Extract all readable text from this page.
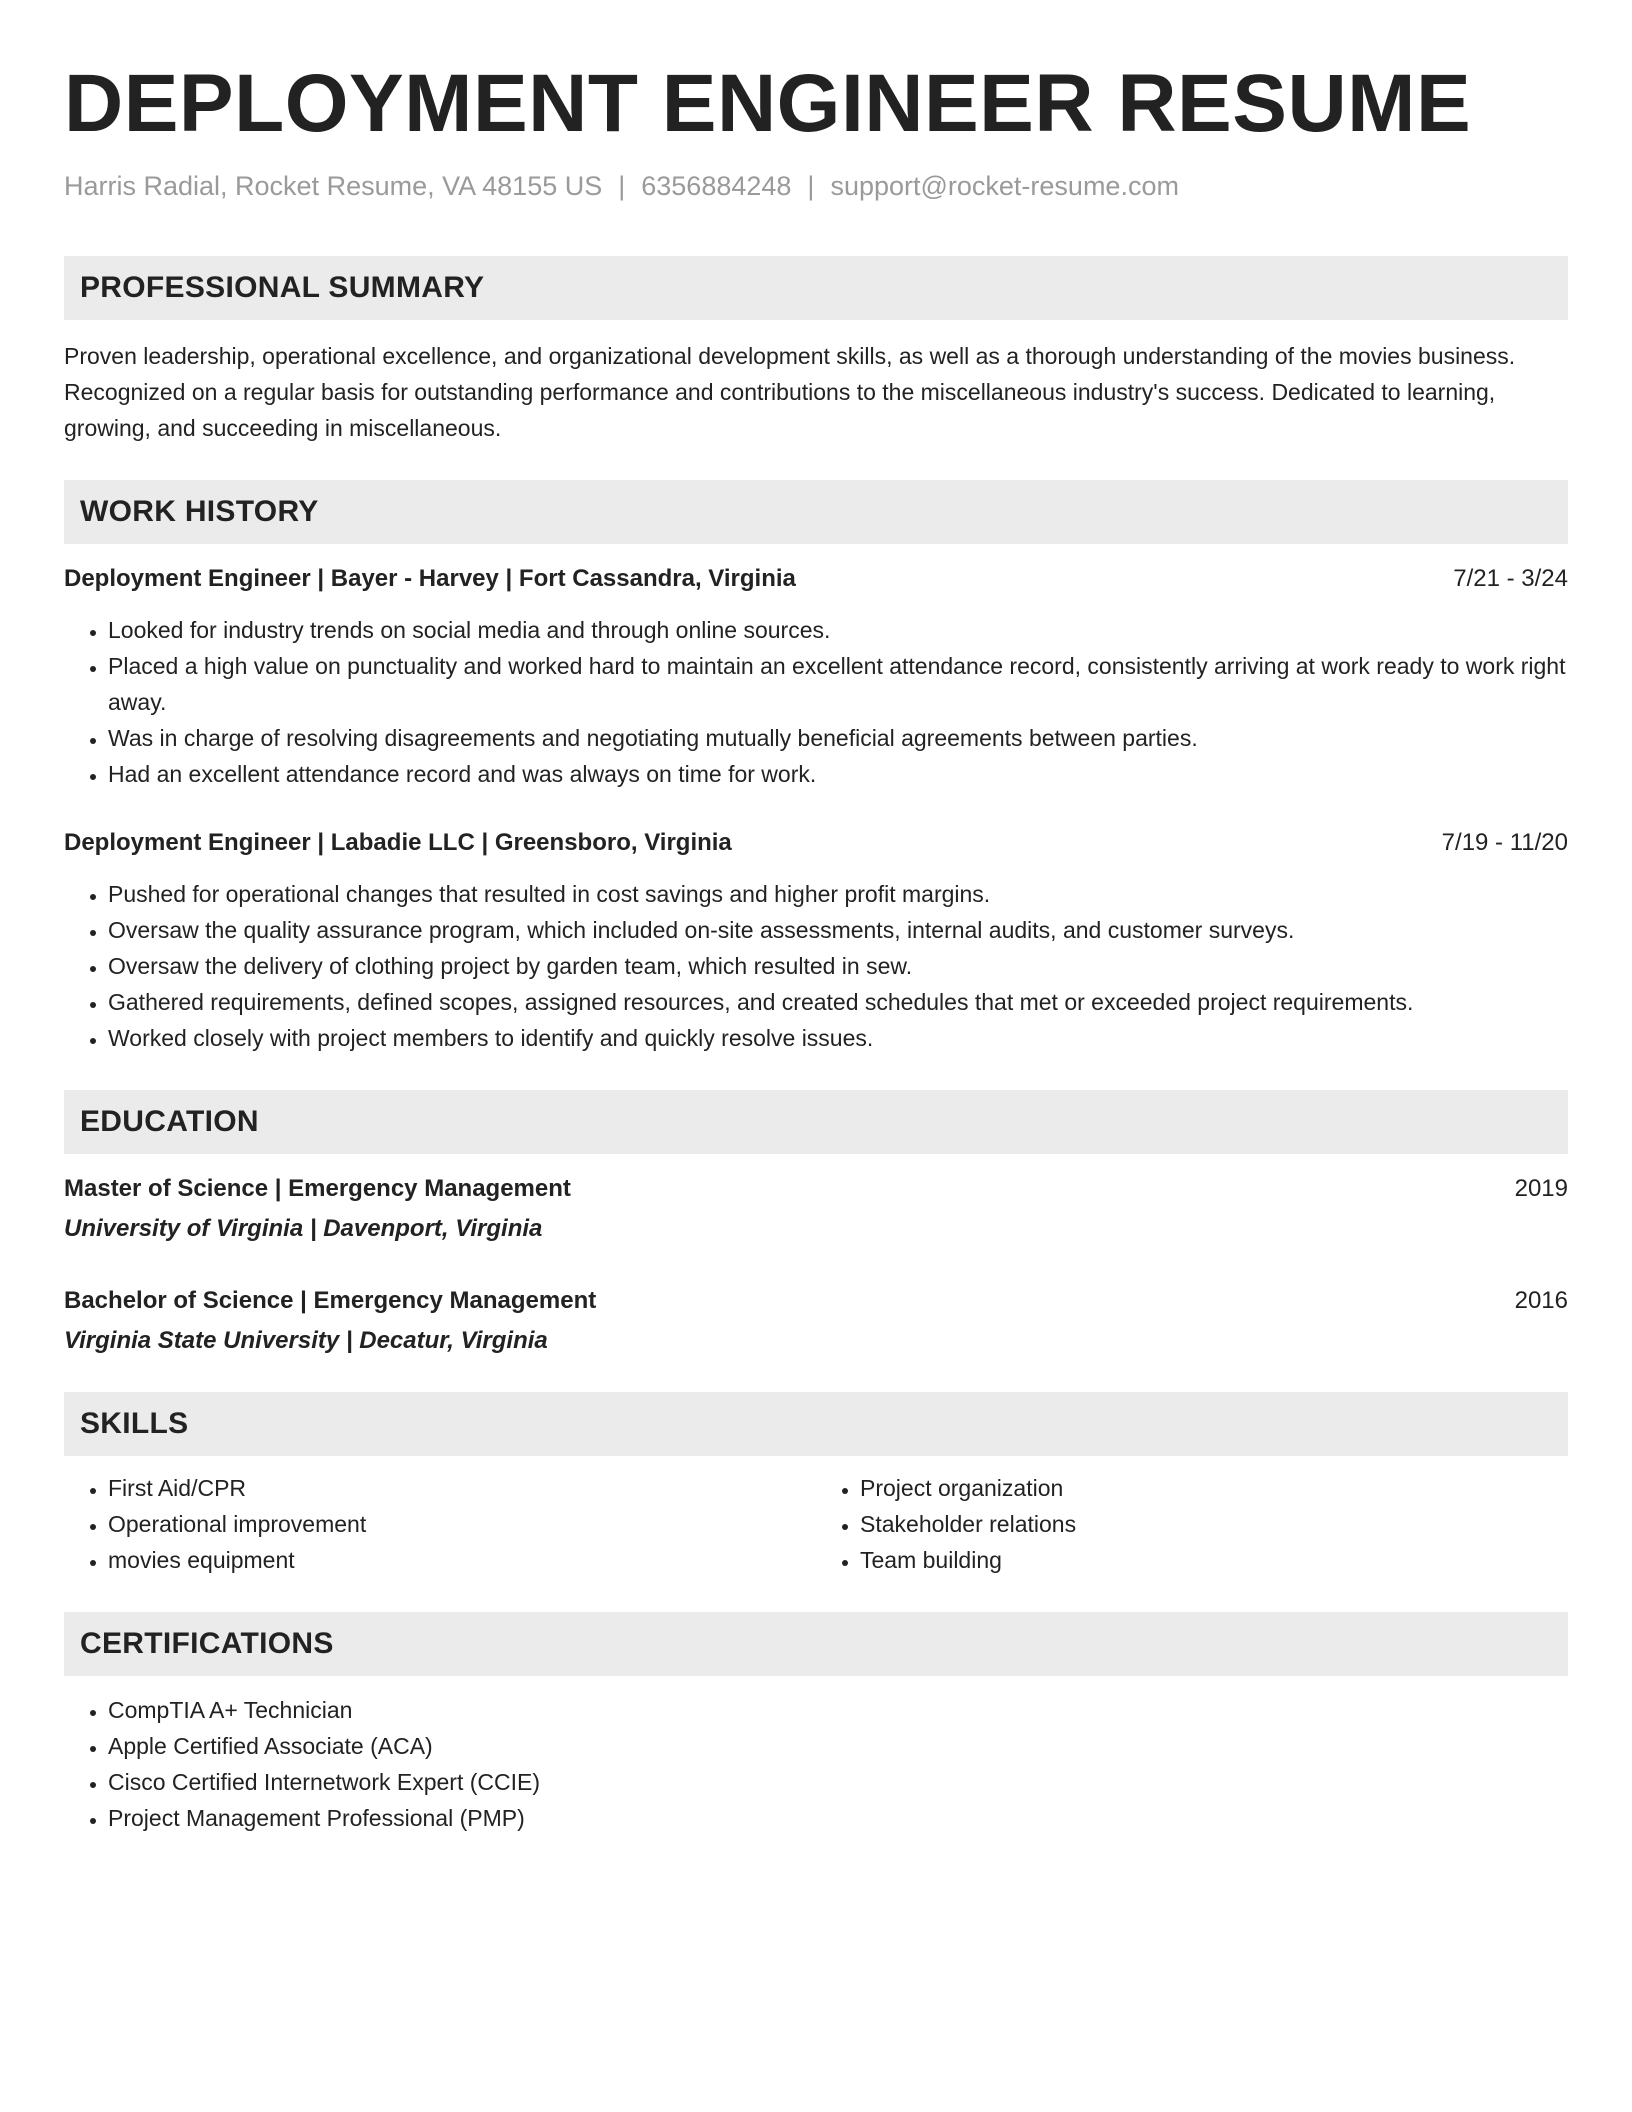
DEPLOYMENT ENGINEER RESUME
Harris Radial, Rocket Resume, VA 48155 US | 6356884248 | support@rocket-resume.com
PROFESSIONAL SUMMARY
Proven leadership, operational excellence, and organizational development skills, as well as a thorough understanding of the movies business. Recognized on a regular basis for outstanding performance and contributions to the miscellaneous industry's success. Dedicated to learning, growing, and succeeding in miscellaneous.
WORK HISTORY
Deployment Engineer | Bayer - Harvey | Fort Cassandra, Virginia	7/21 - 3/24
• Looked for industry trends on social media and through online sources.
• Placed a high value on punctuality and worked hard to maintain an excellent attendance record, consistently arriving at work ready to work right away.
• Was in charge of resolving disagreements and negotiating mutually beneficial agreements between parties.
• Had an excellent attendance record and was always on time for work.
Deployment Engineer | Labadie LLC | Greensboro, Virginia	7/19 - 11/20
• Pushed for operational changes that resulted in cost savings and higher profit margins.
• Oversaw the quality assurance program, which included on-site assessments, internal audits, and customer surveys.
• Oversaw the delivery of clothing project by garden team, which resulted in sew.
• Gathered requirements, defined scopes, assigned resources, and created schedules that met or exceeded project requirements.
• Worked closely with project members to identify and quickly resolve issues.
EDUCATION
Master of Science | Emergency Management	2019
University of Virginia | Davenport, Virginia
Bachelor of Science | Emergency Management	2016
Virginia State University | Decatur, Virginia
SKILLS
• First Aid/CPR
• Operational improvement
• movies equipment
• Project organization
• Stakeholder relations
• Team building
CERTIFICATIONS
• CompTIA A+ Technician
• Apple Certified Associate (ACA)
• Cisco Certified Internetwork Expert (CCIE)
• Project Management Professional (PMP)
